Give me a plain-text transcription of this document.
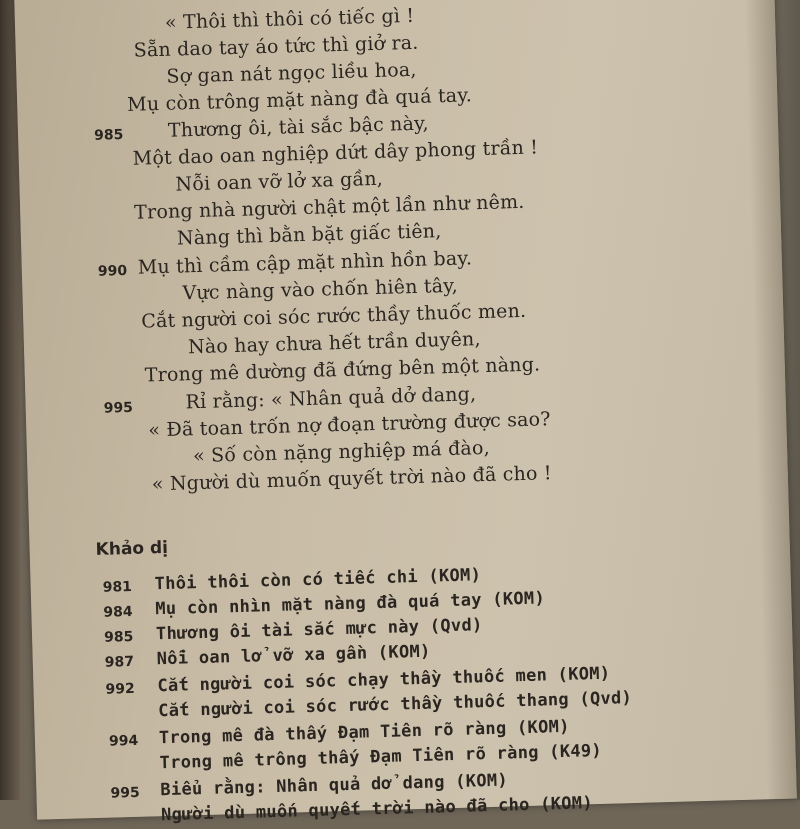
« Thôi thì thôi có tiếc gì !
Sẵn dao tay áo tức thì giở ra.
Sợ gan nát ngọc liều hoa,
Mụ còn trông mặt nàng đà quá tay.
985 Thương ôi, tài sắc bậc này,
Một dao oan nghiệp dứt dây phong trần !
Nỗi oan vỡ lở xa gần,
Trong nhà người chật một lần như nêm.
Nàng thì bằn bặt giấc tiên,
990 Mụ thì cầm cập mặt nhìn hồn bay.
Vực nàng vào chốn hiên tây,
Cắt người coi sóc rước thầy thuốc men.
Nào hay chưa hết trần duyên,
Trong mê dường đã đứng bên một nàng.
995	Rỉ rằng: « Nhân quả dở dang,
« Đã toan trốn nợ đoạn trường được sao?
« Số còn nặng nghiệp má đào,
« Người dù muốn quyết trời nào đã cho !
Khảo dị
981 Thôi thôi còn có tiếc chi (KOM)
984 Mụ còn nhìn mặt nàng đà quá tay (KOM)
985 Thương ôi tài sắc mực này (Qvd)
987 Nỗi oan lở vỡ xa gần (KOM)
992 Cắt người coi sóc chạy thầy thuốc men (KOM)
Cắt người coi sóc rước thầy thuốc thang (Qvd)
994 Trong mê đà thấy Đạm Tiên rõ ràng (KOM)
Trong mê trông thấy Đạm Tiên rõ ràng (K49)
995 Biểu rằng: Nhân quả dở dang (KOM)
Người dù muốn quyết trời nào đã cho (KOM)
